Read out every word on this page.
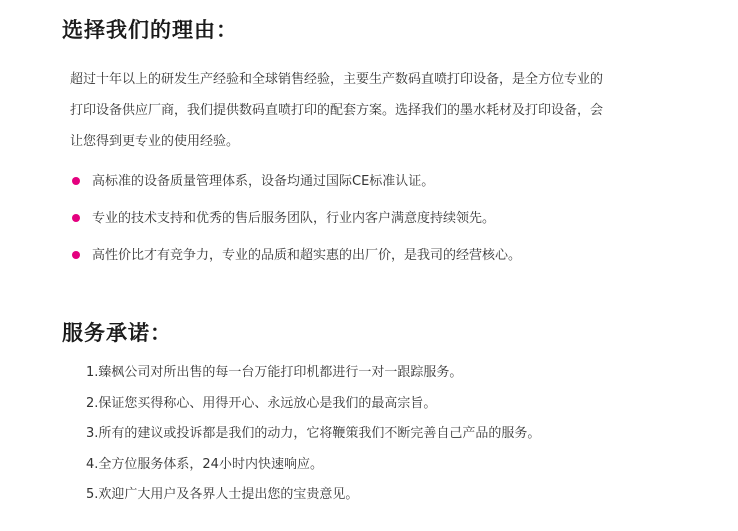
选择我们的理由：
超过十年以上的研发生产经验和全球销售经验，主要生产数码直喷打印设备，是全方位专业的
打印设备供应厂商，我们提供数码直喷打印的配套方案。选择我们的墨水耗材及打印设备，会
让您得到更专业的使用经验。
高标准的设备质量管理体系，设备均通过国际CE标准认证。
专业的技术支持和优秀的售后服务团队，行业内客户满意度持续领先。
高性价比才有竞争力，专业的品质和超实惠的出厂价，是我司的经营核心。
服务承诺：
1.臻枫公司对所出售的每一台万能打印机都进行一对一跟踪服务。
2.保证您买得称心、用得开心、永远放心是我们的最高宗旨。
3.所有的建议或投诉都是我们的动力，它将鞭策我们不断完善自己产品的服务。
4.全方位服务体系，24小时内快速响应。
5.欢迎广大用户及各界人士提出您的宝贵意见。
